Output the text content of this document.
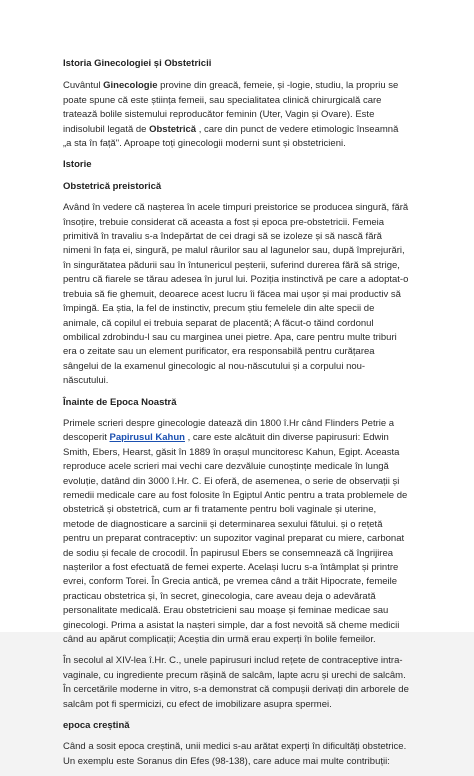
Istoria Ginecologiei și Obstetricii

Cuvântul Ginecologie provine din greacă, femeie, și -logie, studiu, la propriu se poate spune că este știința femeii, sau specialitatea clinică chirurgicală care tratează bolile sistemului reproducător feminin (Uter, Vagin și Ovare). Este indisolubil legată de Obstetrică , care din punct de vedere etimologic înseamnă „a sta în față". Aproape toți ginecologii moderni sunt și obstetricieni.

Istorie
Obstetrică preistorică

Având în vedere că nașterea în acele timpuri preistorice se producea singură, fără însoțire, trebuie considerat că aceasta a fost și epoca pre-obstetricii. Femeia primitivă în travaliu s-a îndepărtat de cei dragi să se izoleze și să nască fără nimeni în fața ei, singură, pe malul râurilor sau al lagunelor sau, după împrejurări, în singurătatea pădurii sau în întunericul peșterii, suferind durerea fără să strige, pentru că fiarele se tărau adesea în jurul lui. Poziția instinctivă pe care a adoptat-o trebuia să fie ghemuit, deoarece acest lucru îi făcea mai ușor și mai productiv să împingă. Ea știa, la fel de instinctiv, precum știu femelele din alte specii de animale, că copilul ei trebuia separat de placentă; A făcut-o tăind cordonul ombilical zdrobindu-l sau cu marginea unei pietre. Apa, care pentru multe triburi era o zeitate sau un element purificator, era responsabilă pentru curățarea sângelui de la examenul ginecologic al nou-născutului și a corpului nou-născutului.

Înainte de Epoca Noastră

Primele scrieri despre ginecologie datează din 1800 î.Hr când Flinders Petrie a descoperit Papirusul Kahun , care este alcătuit din diverse papirusuri: Edwin Smith, Ebers, Hearst, găsit în 1889 în orașul muncitoresc Kahun, Egipt. Aceasta reproduce acele scrieri mai vechi care dezvăluie cunoștințe medicale în lungă evoluție, datând din 3000 î.Hr. C. Ei oferă, de asemenea, o serie de observații și remedii medicale care au fost folosite în Egiptul Antic pentru a trata problemele de obstetrică și obstetrică, cum ar fi tratamente pentru boli vaginale și uterine, metode de diagnosticare a sarcinii și determinarea sexului fătului. și o rețetă pentru un preparat contraceptiv: un supozitor vaginal preparat cu miere, carbonat de sodiu și fecale de crocodil. În papirusul Ebers se consemnează că îngrijirea nașterilor a fost efectuată de femei experte. Același lucru s-a întâmplat și printre evrei, conform Torei. În Grecia antică, pe vremea când a trăit Hipocrate, femeile practicau obstetrica și, în secret, ginecologia, care aveau deja o adevărată personalitate medicală. Erau obstetricieni sau moașe și feminae medicae sau ginecologi. Prima a asistat la nașteri simple, dar a fost nevoită să cheme medicii când au apărut complicații; Aceștia din urmă erau experți în bolile femeilor.

În secolul al XIV-lea î.Hr. C., unele papirusuri includ rețete de contraceptive intra-vaginale, cu ingrediente precum rășină de salcâm, lapte acru și urechi de salcâm. În cercetările moderne in vitro, s-a demonstrat că compușii derivați din arborele de salcâm pot fi spermicizi, cu efect de imobilizare asupra spermei.

epoca creștină

Când a sosit epoca creștină, unii medici s-au arătat experți în dificultăți obstetrice. Un exemplu este Soranus din Efes (98-138), care aduce mai multe contribuții:
